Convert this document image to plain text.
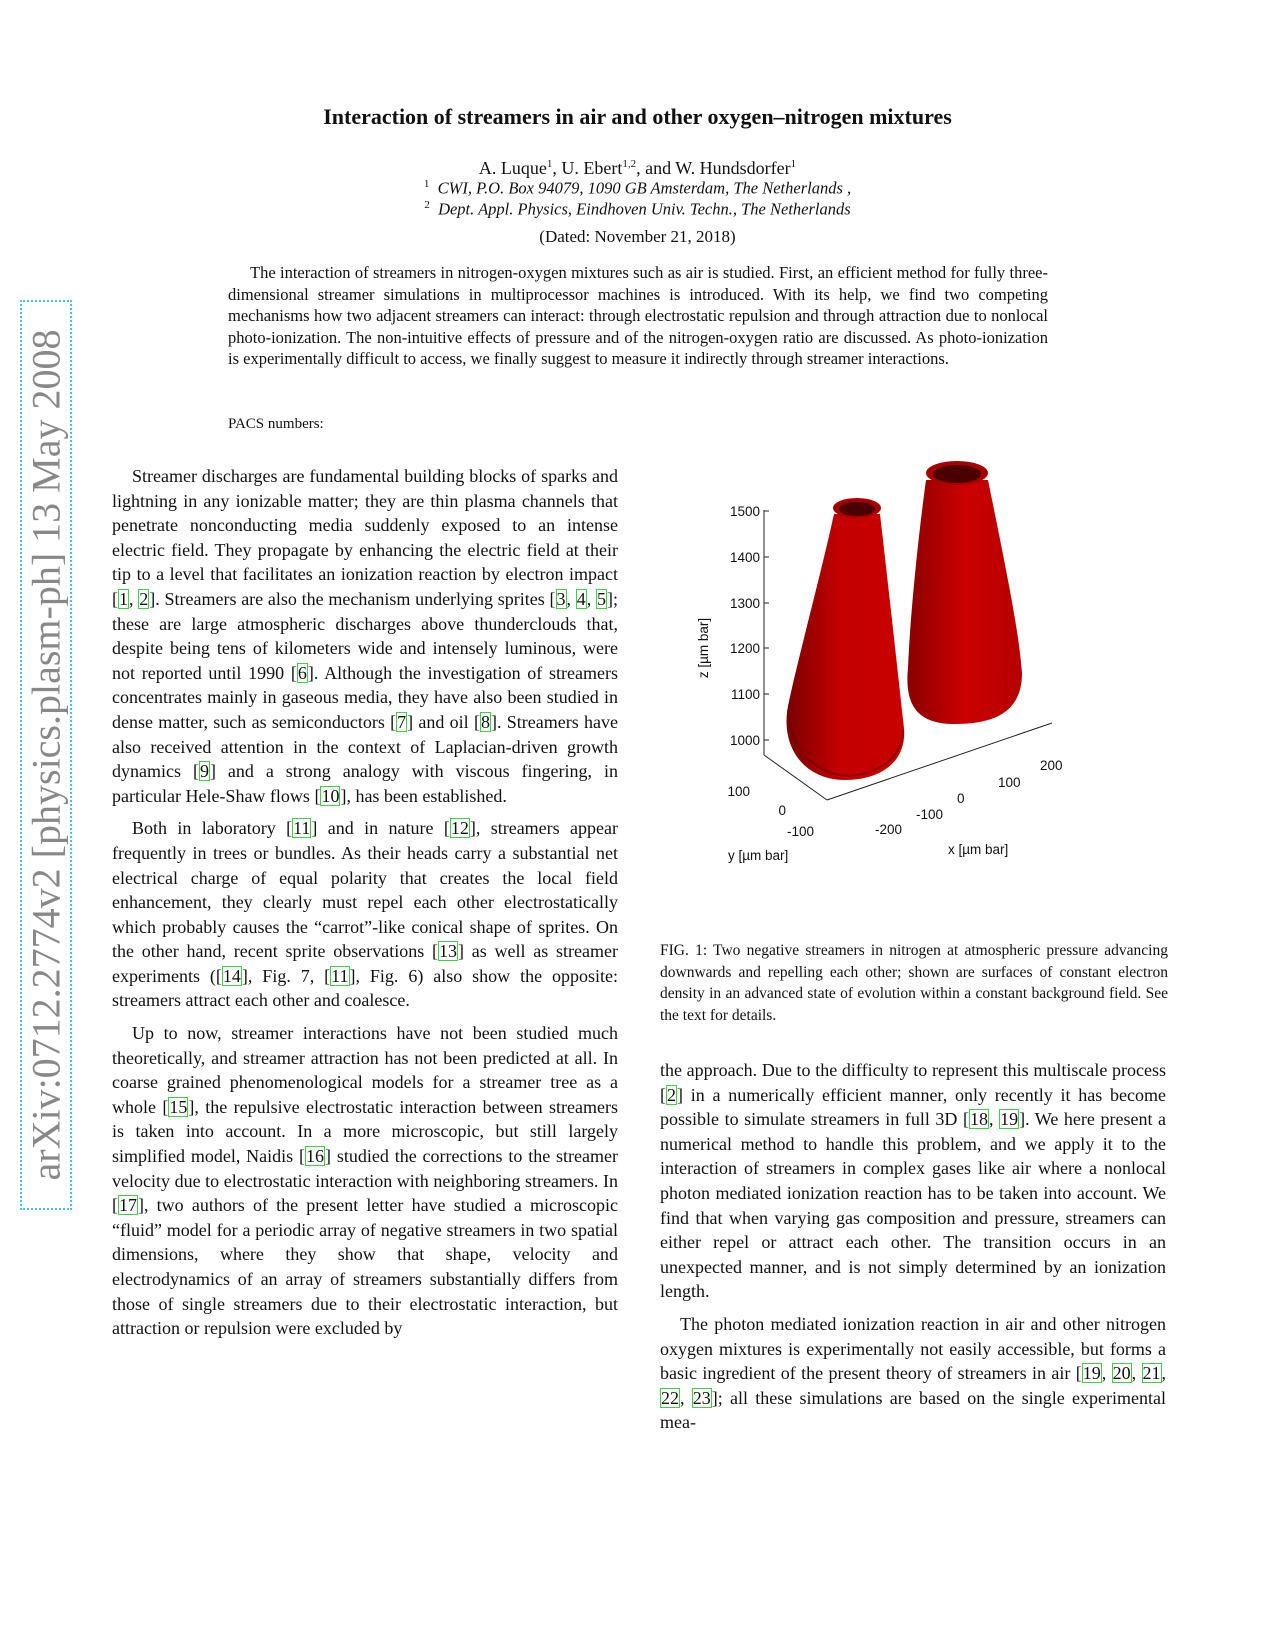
arXiv:0712.2774v2 [physics.plasm-ph] 13 May 2008
Interaction of streamers in air and other oxygen–nitrogen mixtures
A. Luque$^1$, U. Ebert$^{1,2}$, and W. Hundsdorfer$^1$
$^1$ CWI, P.O. Box 94079, 1090 GB Amsterdam, The Netherlands ,
$^2$ Dept. Appl. Physics, Eindhoven Univ. Techn., The Netherlands
(Dated: November 21, 2018)

The interaction of streamers in nitrogen-oxygen mixtures such as air is studied. First, an efficient method for fully three-dimensional streamer simulations in multiprocessor machines is introduced. With its help, we find two competing mechanisms how two adjacent streamers can interact: through electrostatic repulsion and through attraction due to nonlocal photo-ionization. The non-intuitive effects of pressure and of the nitrogen-oxygen ratio are discussed. As photo-ionization is experimentally difficult to access, we finally suggest to measure it indirectly through streamer interactions.

PACS numbers:

Streamer discharges are fundamental building blocks of sparks and lightning in any ionizable matter; they are thin plasma channels that penetrate nonconducting media suddenly exposed to an intense electric field. They propagate by enhancing the electric field at their tip to a level that facilitates an ionization reaction by electron impact [1, 2]. Streamers are also the mechanism underlying sprites [3, 4, 5]; these are large atmospheric discharges above thunderclouds that, despite being tens of kilometers wide and intensely luminous, were not reported until 1990 [6]. Although the investigation of streamers concentrates mainly in gaseous media, they have also been studied in dense matter, such as semiconductors [7] and oil [8]. Streamers have also received attention in the context of Laplacian-driven growth dynamics [9] and a strong analogy with viscous fingering, in particular Hele-Shaw flows [10], has been established.

Both in laboratory [11] and in nature [12], streamers appear frequently in trees or bundles. As their heads carry a substantial net electrical charge of equal polarity that creates the local field enhancement, they clearly must repel each other electrostatically which probably causes the “carrot”-like conical shape of sprites. On the other hand, recent sprite observations [13] as well as streamer experiments ([14], Fig. 7, [11], Fig. 6) also show the opposite: streamers attract each other and coalesce.

Up to now, streamer interactions have not been studied much theoretically, and streamer attraction has not been predicted at all. In coarse grained phenomenological models for a streamer tree as a whole [15], the repulsive electrostatic interaction between streamers is taken into account. In a more microscopic, but still largely simplified model, Naidis [16] studied the corrections to the streamer velocity due to electrostatic interaction with neighboring streamers. In [17], two authors of the present letter have studied a microscopic “fluid” model for a periodic array of negative streamers in two spatial dimensions, where they show that shape, velocity and electrodynamics of an array of streamers substantially differs from those of single streamers due to their electrostatic interaction, but attraction or repulsion were excluded by

1500
1400
1300
1200
1100
1000
z [µm bar]
100
0
-100
y [µm bar]
-200
-100
0
100
200
x [µm bar]
FIG. 1: Two negative streamers in nitrogen at atmospheric pressure advancing downwards and repelling each other; shown are surfaces of constant electron density in an advanced state of evolution within a constant background field. See the text for details.

the approach. Due to the difficulty to represent this multiscale process [2] in a numerically efficient manner, only recently it has become possible to simulate streamers in full 3D [18, 19]. We here present a numerical method to handle this problem, and we apply it to the interaction of streamers in complex gases like air where a nonlocal photon mediated ionization reaction has to be taken into account. We find that when varying gas composition and pressure, streamers can either repel or attract each other. The transition occurs in an unexpected manner, and is not simply determined by an ionization length.

The photon mediated ionization reaction in air and other nitrogen oxygen mixtures is experimentally not easily accessible, but forms a basic ingredient of the present theory of streamers in air [19, 20, 21, 22, 23]; all these simulations are based on the single experimental mea-
